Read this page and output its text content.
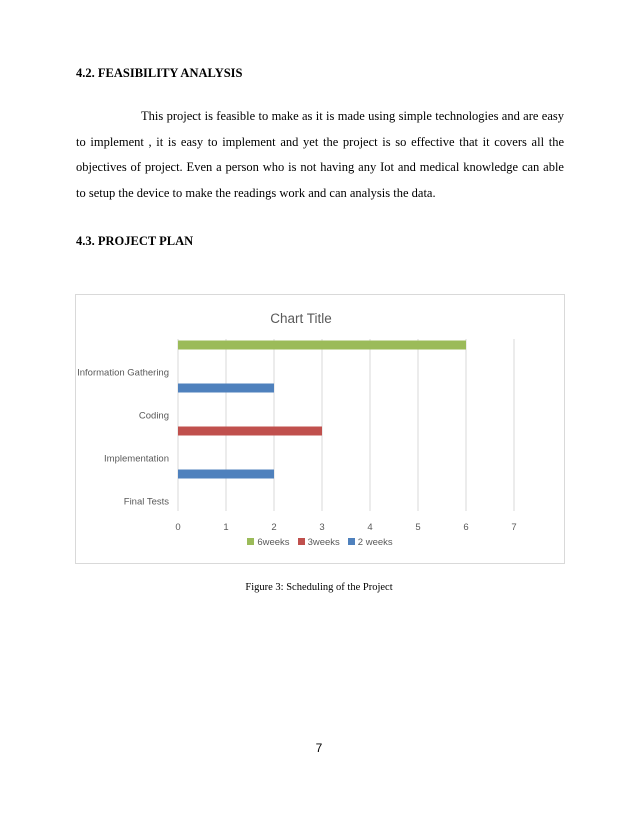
4.2. FEASIBILITY ANALYSIS

This project is feasible to make as it is made using simple technologies and are easy to implement , it is easy to implement and yet the project is so effective that it covers all the objectives of project. Even a person who is not having any Iot and medical knowledge can able to setup the device to make the readings work and can analysis the data.

4.3. PROJECT PLAN
Chart Title
0	1	2	3	4	5	6	7
Information Gathering
Coding
Implementation
Final Tests
6weeks 3weeks 2 weeks

Figure 3: Scheduling of the Project

7
